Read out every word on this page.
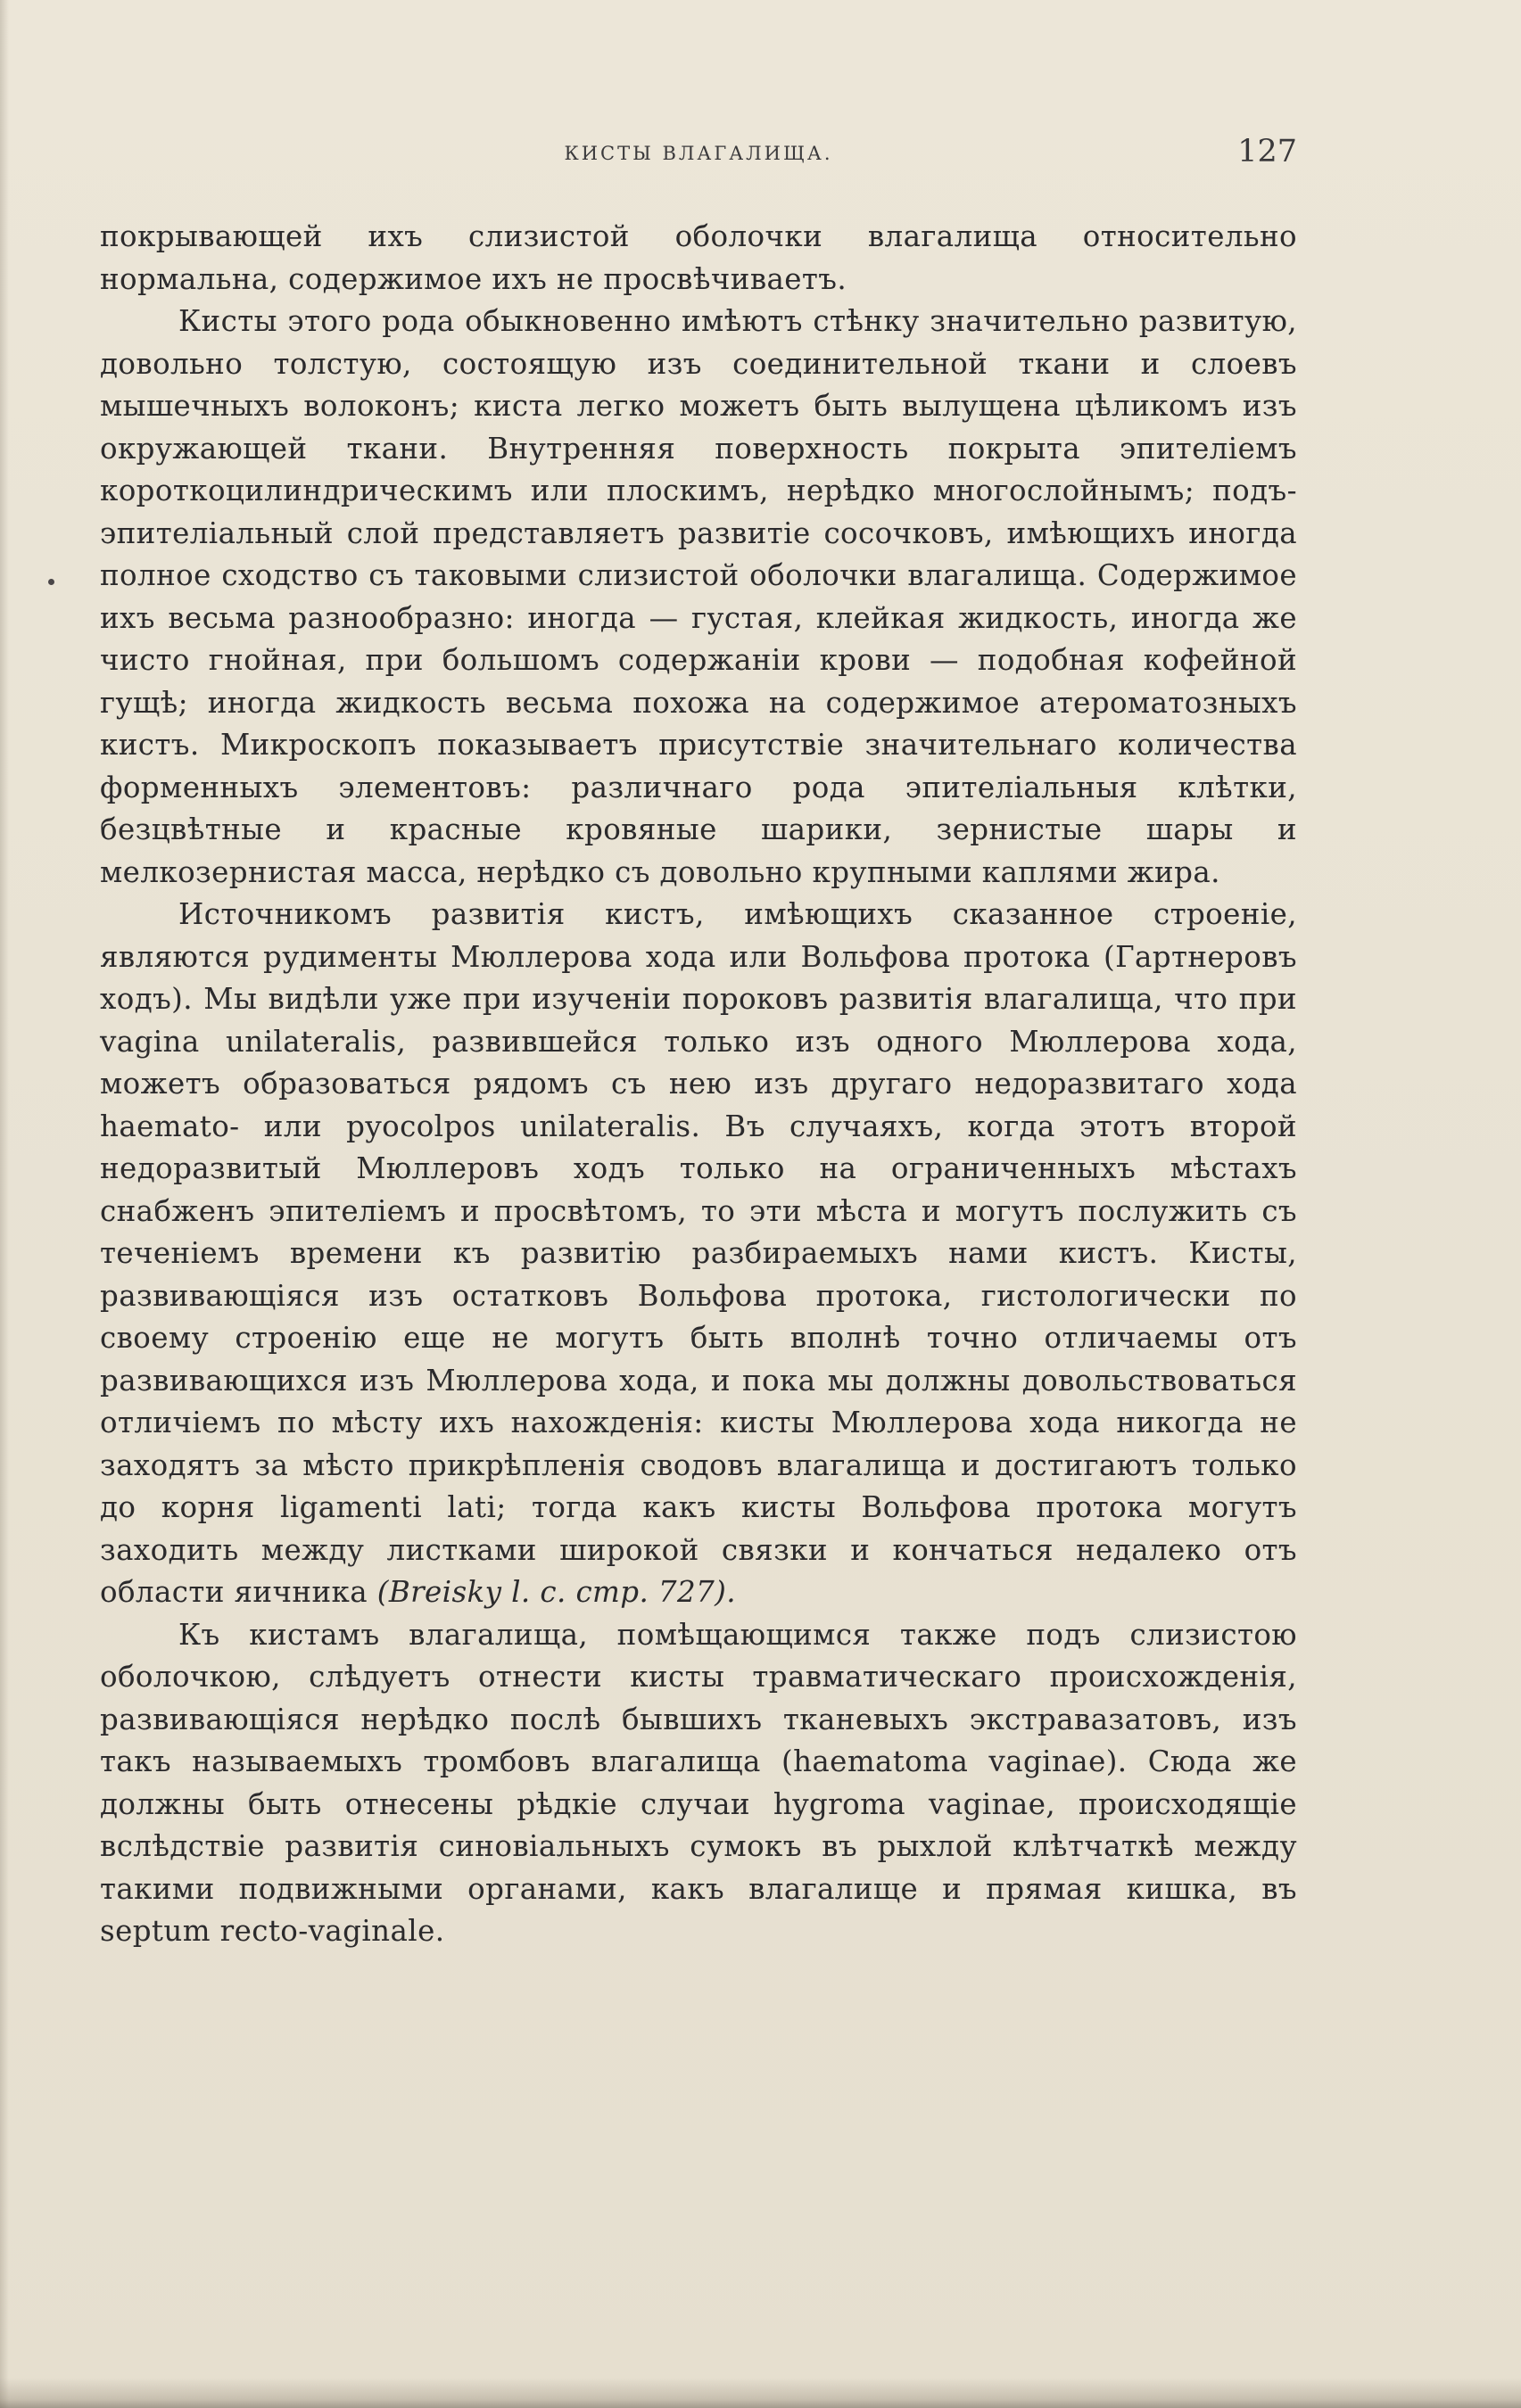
КИСТЫ ВЛАГАЛИЩА.	127

покрывающей ихъ слизистой оболочки влагалища относительно нормальна, содержимое ихъ не просвѣчиваетъ.

Кисты этого рода обыкновенно имѣютъ стѣнку значительно развитую, довольно толстую, состоящую изъ соединительной ткани и слоевъ мышечныхъ волоконъ; киста легко можетъ быть вылущена цѣликомъ изъ окружающей ткани. Внутренняя поверхность покрыта эпителіемъ короткоцилиндрическимъ или плоскимъ, нерѣдко многослойнымъ; подъ-эпителіальный слой представляетъ развитіе сосочковъ, имѣющихъ иногда полное сходство съ таковыми слизистой оболочки влагалища. Содержимое ихъ весьма разнообразно: иногда — густая, клейкая жидкость, иногда же чисто гнойная, при большомъ содержаніи крови — подобная кофейной гущѣ; иногда жидкость весьма похожа на содержимое атероматозныхъ кистъ. Микроскопъ показываетъ присутствіе значительнаго количества форменныхъ элементовъ: различнаго рода эпителіальныя клѣтки, безцвѣтные и красные кровяные шарики, зернистые шары и мелкозернистая масса, нерѣдко съ довольно крупными каплями жира.

Источникомъ развитія кистъ, имѣющихъ сказанное строеніе, являются рудименты Мюллерова хода или Вольфова протока (Гартнеровъ ходъ). Мы видѣли уже при изученіи пороковъ развитія влагалища, что при vagina unilateralis, развившейся только изъ одного Мюллерова хода, можетъ образоваться рядомъ съ нею изъ другаго недоразвитаго хода haemato- или pyocolpos unilateralis. Въ случаяхъ, когда этотъ второй недоразвитый Мюллеровъ ходъ только на ограниченныхъ мѣстахъ снабженъ эпителіемъ и просвѣтомъ, то эти мѣста и могутъ послужить съ теченіемъ времени къ развитію разбираемыхъ нами кистъ. Кисты, развивающіяся изъ остатковъ Вольфова протока, гистологически по своему строенію еще не могутъ быть вполнѣ точно отличаемы отъ развивающихся изъ Мюллерова хода, и пока мы должны довольствоваться отличіемъ по мѣсту ихъ нахожденія: кисты Мюллерова хода никогда не заходятъ за мѣсто прикрѣпленія сводовъ влагалища и достигаютъ только до корня ligamenti lati; тогда какъ кисты Вольфова протока могутъ заходить между листками широкой связки и кончаться недалеко отъ области яичника (Breisky l. c. стр. 727).

Къ кистамъ влагалища, помѣщающимся также подъ слизистою оболочкою, слѣдуетъ отнести кисты травматическаго происхожденія, развивающіяся нерѣдко послѣ бывшихъ тканевыхъ экстравазатовъ, изъ такъ называемыхъ тромбовъ влагалища (haematoma vaginae). Сюда же должны быть отнесены рѣдкіе случаи hygroma vaginae, происходящіе вслѣдствіе развитія синовіальныхъ сумокъ въ рыхлой клѣтчаткѣ между такими подвижными органами, какъ влагалище и прямая кишка, въ septum recto-vaginale.
